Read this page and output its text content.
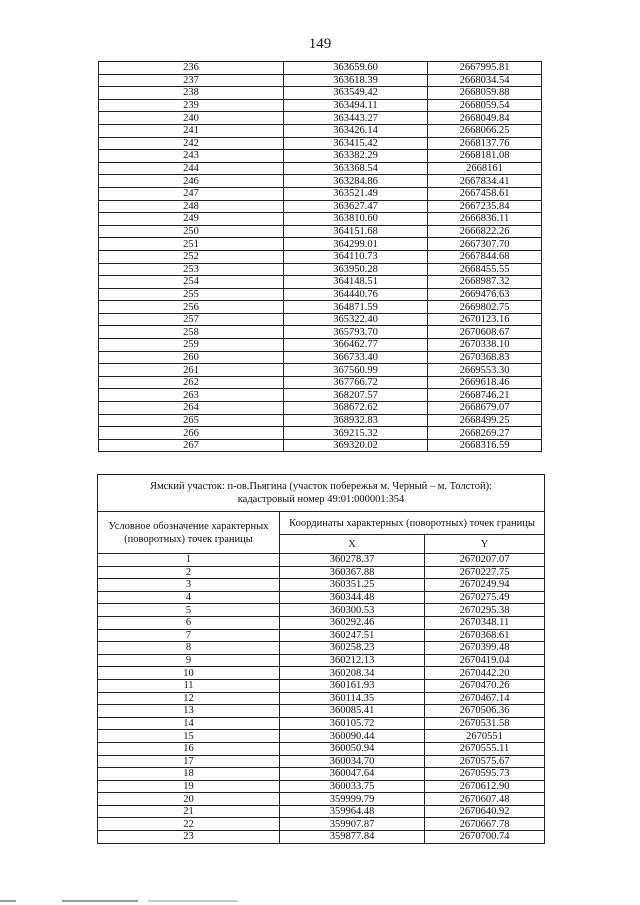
149
236	363659.60	2667995.81
237	363618.39	2668034.54
238	363549.42	2668059.88
239	363494.11	2668059.54
240	363443.27	2668049.84
241	363426.14	2668066.25
242	363415.42	2668137.76
243	363382.29	2668181.08
244	363368.54	2668161
246	363284.86	2667834.41
247	363521.49	2667458.61
248	363627.47	2667235.84
249	363810.60	2666836.11
250	364151.68	2666822.26
251	364299.01	2667307.70
252	364110.73	2667844.68
253	363950.28	2668455.55
254	364148.51	2668987.32
255	364440.76	2669476.63
256	364871.59	2669802.75
257	365322.40	2670123.16
258	365793.70	2670608.67
259	366462.77	2670338.10
260	366733.40	2670368.83
261	367560.99	2669553.30
262	367766.72	2669618.46
263	368207.57	2668746.21
264	368672.62	2668679.07
265	368932.83	2668499.25
266	369215.32	2668269.27
267	369320.02	2668316.59
Ямский участок: п-ов.Пьягина (участок побережья м. Черный – м. Толстой):
кадастровый номер 49:01:000001:354		

Условное обозначение характерных (поворотных) точек границы	Координаты характерных (поворотных) точек границы	
	X	Y
1	360278.37	2670207.07
2	360367.88	2670227.75
3	360351.25	2670249.94
4	360344.48	2670275.49
5	360300.53	2670295.38
6	360292.46	2670348.11
7	360247.51	2670368.61
8	360258.23	2670399.48
9	360212.13	2670419.04
10	360208.34	2670442.20
11	360161.93	2670470.26
12	360114.35	2670467.14
13	360085.41	2670506.36
14	360105.72	2670531.58
15	360090.44	2670551
16	360050.94	2670555.11
17	360034.70	2670575.67
18	360047.64	2670595.73
19	360033.75	2670612.90
20	359999.79	2670607.48
21	359964.48	2670640.92
22	359907.87	2670667.78
23	359877.84	2670700.74
